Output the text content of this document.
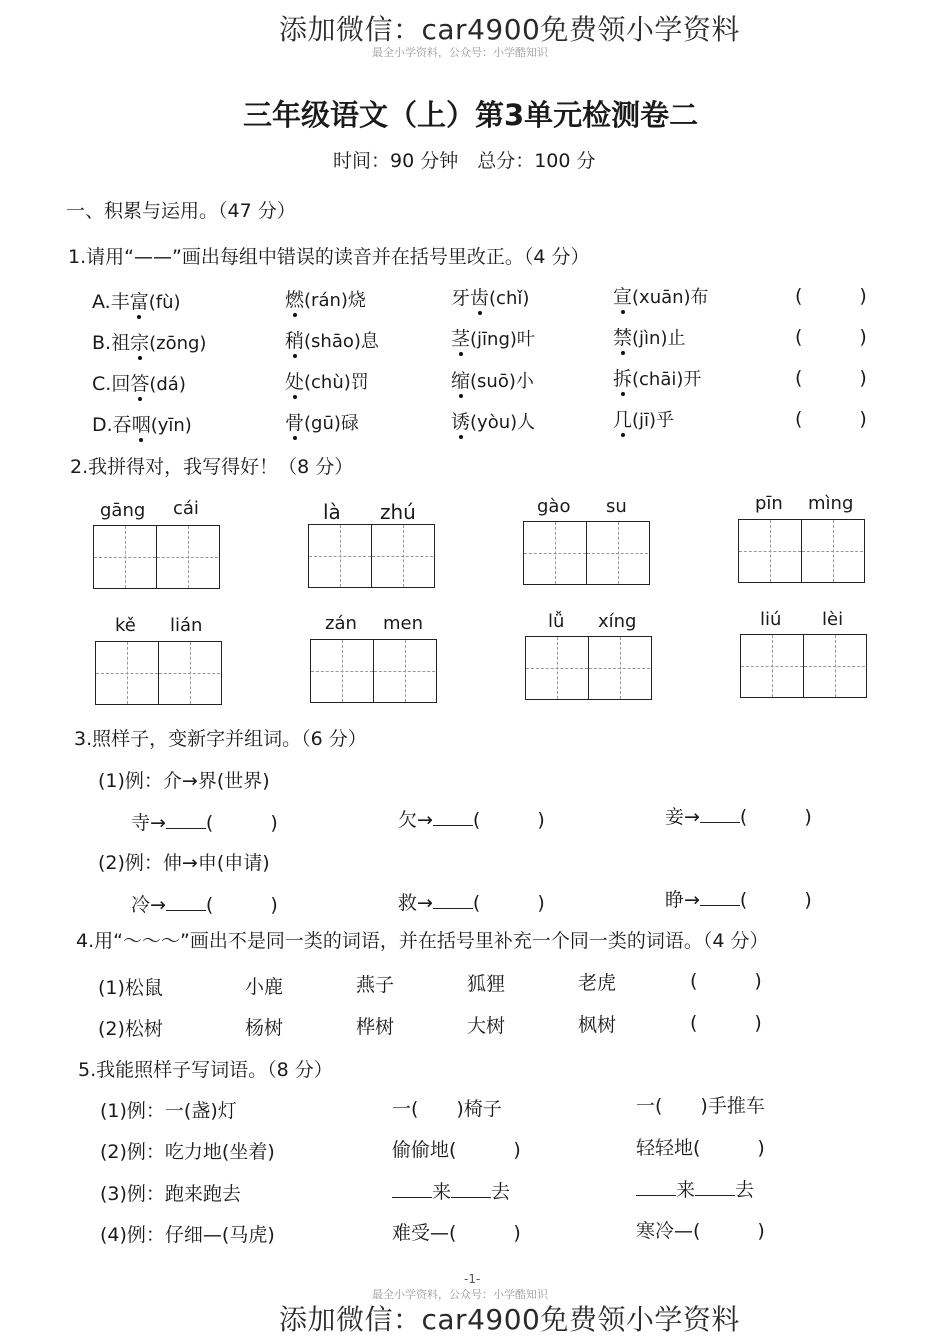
添加微信：car4900免费领小学资料
最全小学资料，公众号：小学酷知识
三年级语文（上）第3单元检测卷二
时间：90 分钟　总分：100 分
一、积累与运用。（47 分）
1.请用“——”画出每组中错误的读音并在括号里改正。（4 分）
A.丰富(fù)	燃(rán)烧	牙齿(chǐ)	宣(xuān)布	(　　　)
B.祖宗(zōng)	稍(shāo)息	茎(jīng)叶	禁(jìn)止	(　　　)
C.回答(dá)	处(chù)罚	缩(suō)小	拆(chāi)开	(　　　)
D.吞咽(yīn)	骨(gū)碌	诱(yòu)人	几(jī)乎	(　　　)
2.我拼得对，我写得好！（8 分）
gāng cái	là zhú	gào su	pīn mìng
kě lián	zán men	lǚ xíng	liú lèi
3.照样子，变新字并组词。（6 分）
(1)例：介→界(世界)
寺→ (　　　)	欠→ (　　　)	妾→ (　　　)
(2)例：伸→申(申请)
冷→ (　　　)	救→ (　　　)	睁→ (　　　)
4.用“～～～”画出不是同一类的词语，并在括号里补充一个同一类的词语。（4 分）
(1)松鼠	小鹿	燕子	狐狸	老虎	(　　　)
(2)松树	杨树	桦树	大树	枫树	(　　　)
5.我能照样子写词语。（8 分）
(1)例：一(盏)灯	一(　　)椅子	一(　　)手推车
(2)例：吃力地(坐着)	偷偷地(　　　)	轻轻地(　　　)
(3)例：跑来跑去	来 去	来 去
(4)例：仔细—(马虎)	难受—(　　　)	寒冷—(　　　)
-1-
最全小学资料，公众号：小学酷知识
添加微信：car4900免费领小学资料
